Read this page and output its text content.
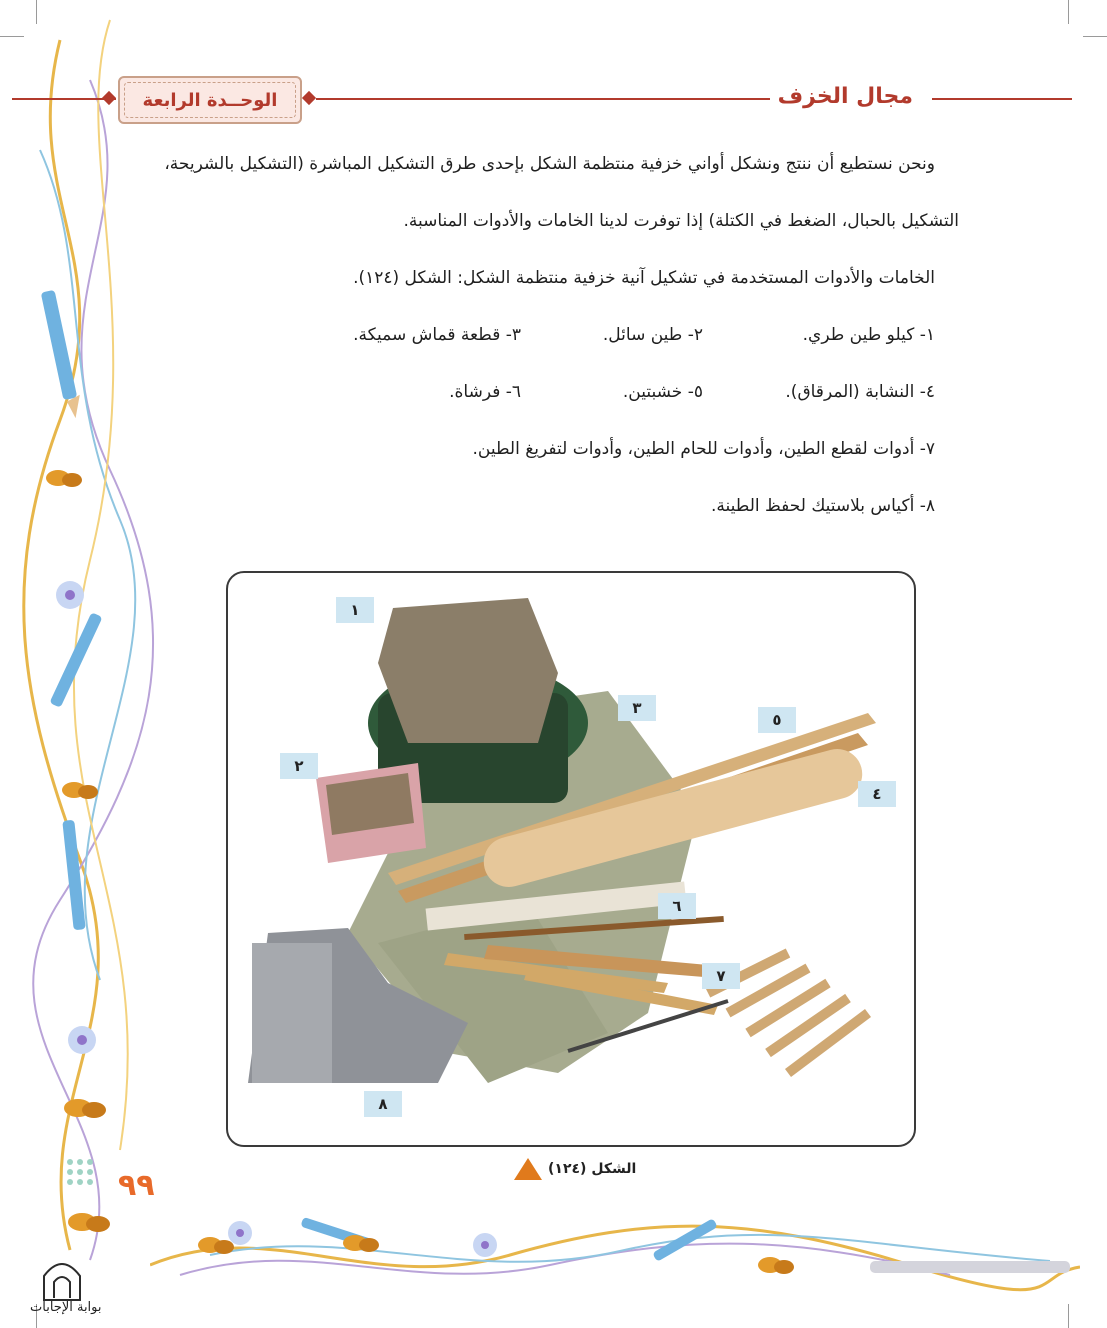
الوحــدة الرابعة	مجال الخزف
ونحن نستطيع أن ننتج ونشكل أواني خزفية منتظمة الشكل بإحدى طرق التشكيل المباشرة (التشكيل بالشريحة،
التشكيل بالحبال، الضغط في الكتلة) إذا توفرت لدينا الخامات والأدوات المناسبة.
الخامات والأدوات المستخدمة في تشكيل آنية خزفية منتظمة الشكل: الشكل (١٢٤).
١- كيلو طين طري.
٢- طين سائل.
٣- قطعة قماش سميكة.
٤- النشابة (المرقاق).
٥- خشبتين.
٦- فرشاة.
٧- أدوات لقطع الطين، وأدوات للحام الطين، وأدوات لتفريغ الطين.
٨- أكياس بلاستيك لحفظ الطينة.
١
٢
٣
٤
٥
٦
٧
٨
الشكل (١٢٤)
٩٩
بوابة الإجابات
